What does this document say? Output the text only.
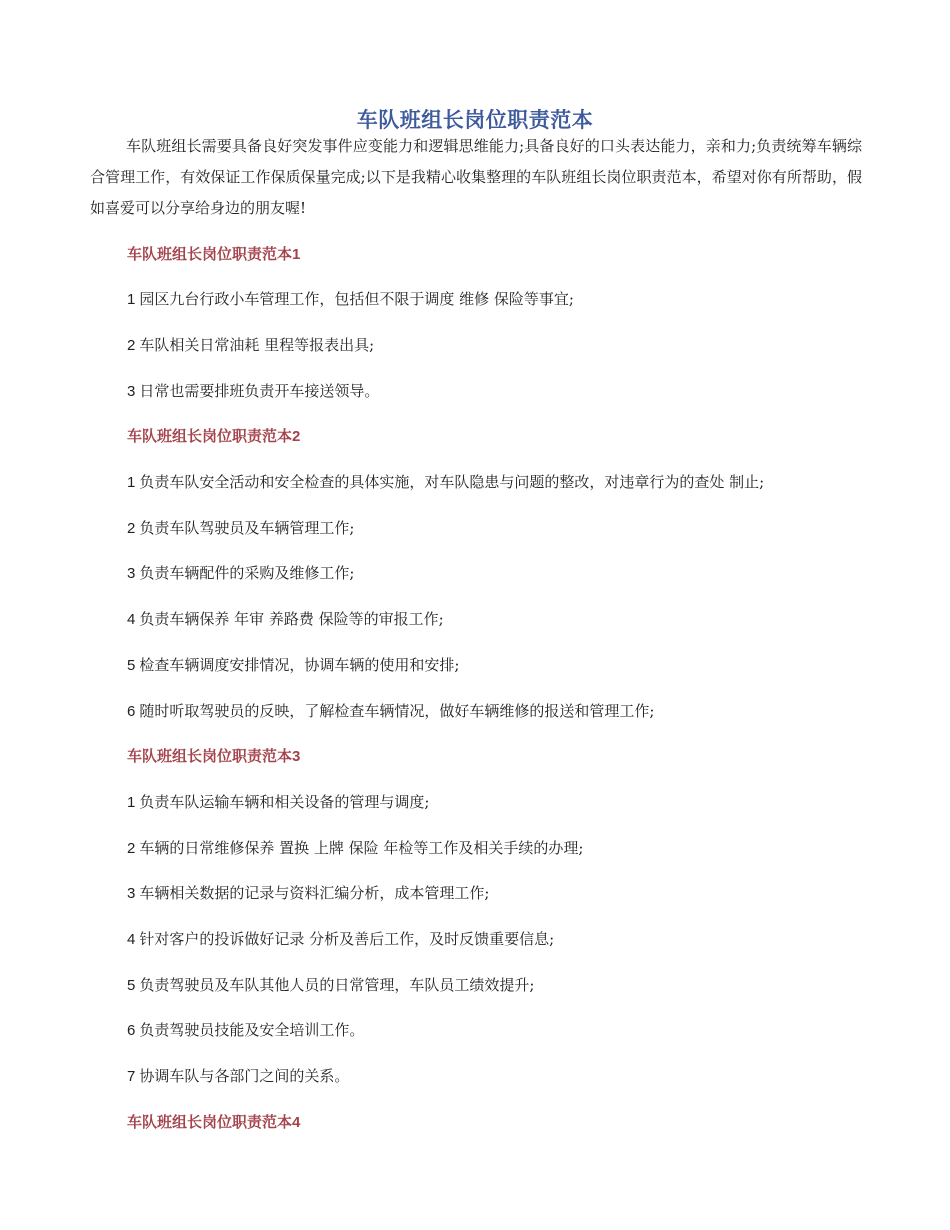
车队班组长岗位职责范本

车队班组长需要具备良好突发事件应变能力和逻辑思维能力;具备良好的口头表达能力，亲和力;负责统筹车辆综合管理工作，有效保证工作保质保量完成;以下是我精心收集整理的车队班组长岗位职责范本，希望对你有所帮助，假如喜爱可以分享给身边的朋友喔!

车队班组长岗位职责范本1

1 园区九台行政小车管理工作，包括但不限于调度 维修 保险等事宜;

2 车队相关日常油耗 里程等报表出具;

3 日常也需要排班负责开车接送领导。

车队班组长岗位职责范本2

1 负责车队安全活动和安全检查的具体实施，对车队隐患与问题的整改，对违章行为的查处 制止;

2 负责车队驾驶员及车辆管理工作;

3 负责车辆配件的采购及维修工作;

4 负责车辆保养 年审 养路费 保险等的审报工作;

5 检查车辆调度安排情况，协调车辆的使用和安排;

6 随时听取驾驶员的反映，了解检查车辆情况，做好车辆维修的报送和管理工作;

车队班组长岗位职责范本3

1 负责车队运输车辆和相关设备的管理与调度;

2 车辆的日常维修保养 置换 上牌 保险 年检等工作及相关手续的办理;

3 车辆相关数据的记录与资料汇编分析，成本管理工作;

4 针对客户的投诉做好记录 分析及善后工作，及时反馈重要信息;

5 负责驾驶员及车队其他人员的日常管理，车队员工绩效提升;

6 负责驾驶员技能及安全培训工作。

7 协调车队与各部门之间的关系。

车队班组长岗位职责范本4
